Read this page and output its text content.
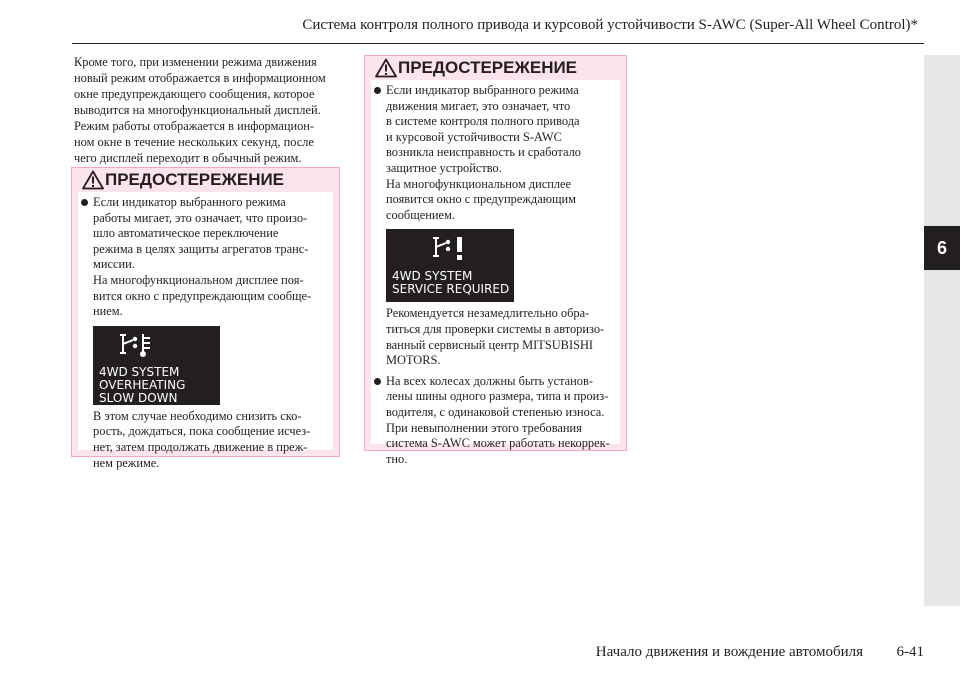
Система контроля полного привода и курсовой устойчивости S-AWC (Super-All Wheel Control)*
6

Кроме того, при изменении режима движения
новый режим отображается в информационном
окне предупреждающего сообщения, которое
выводится на многофункциональный дисплей.
Режим работы отображается в информацион-
ном окне в течение нескольких секунд, после
чего дисплей переходит в обычный режим.

ПРЕДОСТЕРЕЖЕНИЕ
Если индикатор выбранного режима
работы мигает, это означает, что произо-
шло автоматическое переключение
режима в целях защиты агрегатов транс-
миссии.
На многофункциональном дисплее поя-
вится окно с предупреждающим сообще-
нием.
4WD SYSTEM
OVERHEATING
SLOW DOWN
В этом случае необходимо снизить ско-
рость, дождаться, пока сообщение исчез-
нет, затем продолжать движение в преж-
нем режиме.
ПРЕДОСТЕРЕЖЕНИЕ
Если индикатор выбранного режима
движения мигает, это означает, что
в системе контроля полного привода
и курсовой устойчивости S-AWC
возникла неисправность и сработало
защитное устройство.
На многофункциональном дисплее
появится окно с предупреждающим
сообщением.
4WD SYSTEM
SERVICE REQUIRED
Рекомендуется незамедлительно обра-
титься для проверки системы в авторизо-
ванный сервисный центр MITSUBISHI
MOTORS.
На всех колесах должны быть установ-
лены шины одного размера, типа и произ-
водителя, с одинаковой степенью износа.
При невыполнении этого требования
система S-AWC может работать некоррек-
тно.
Начало движения и вождение автомобиля 6-41
